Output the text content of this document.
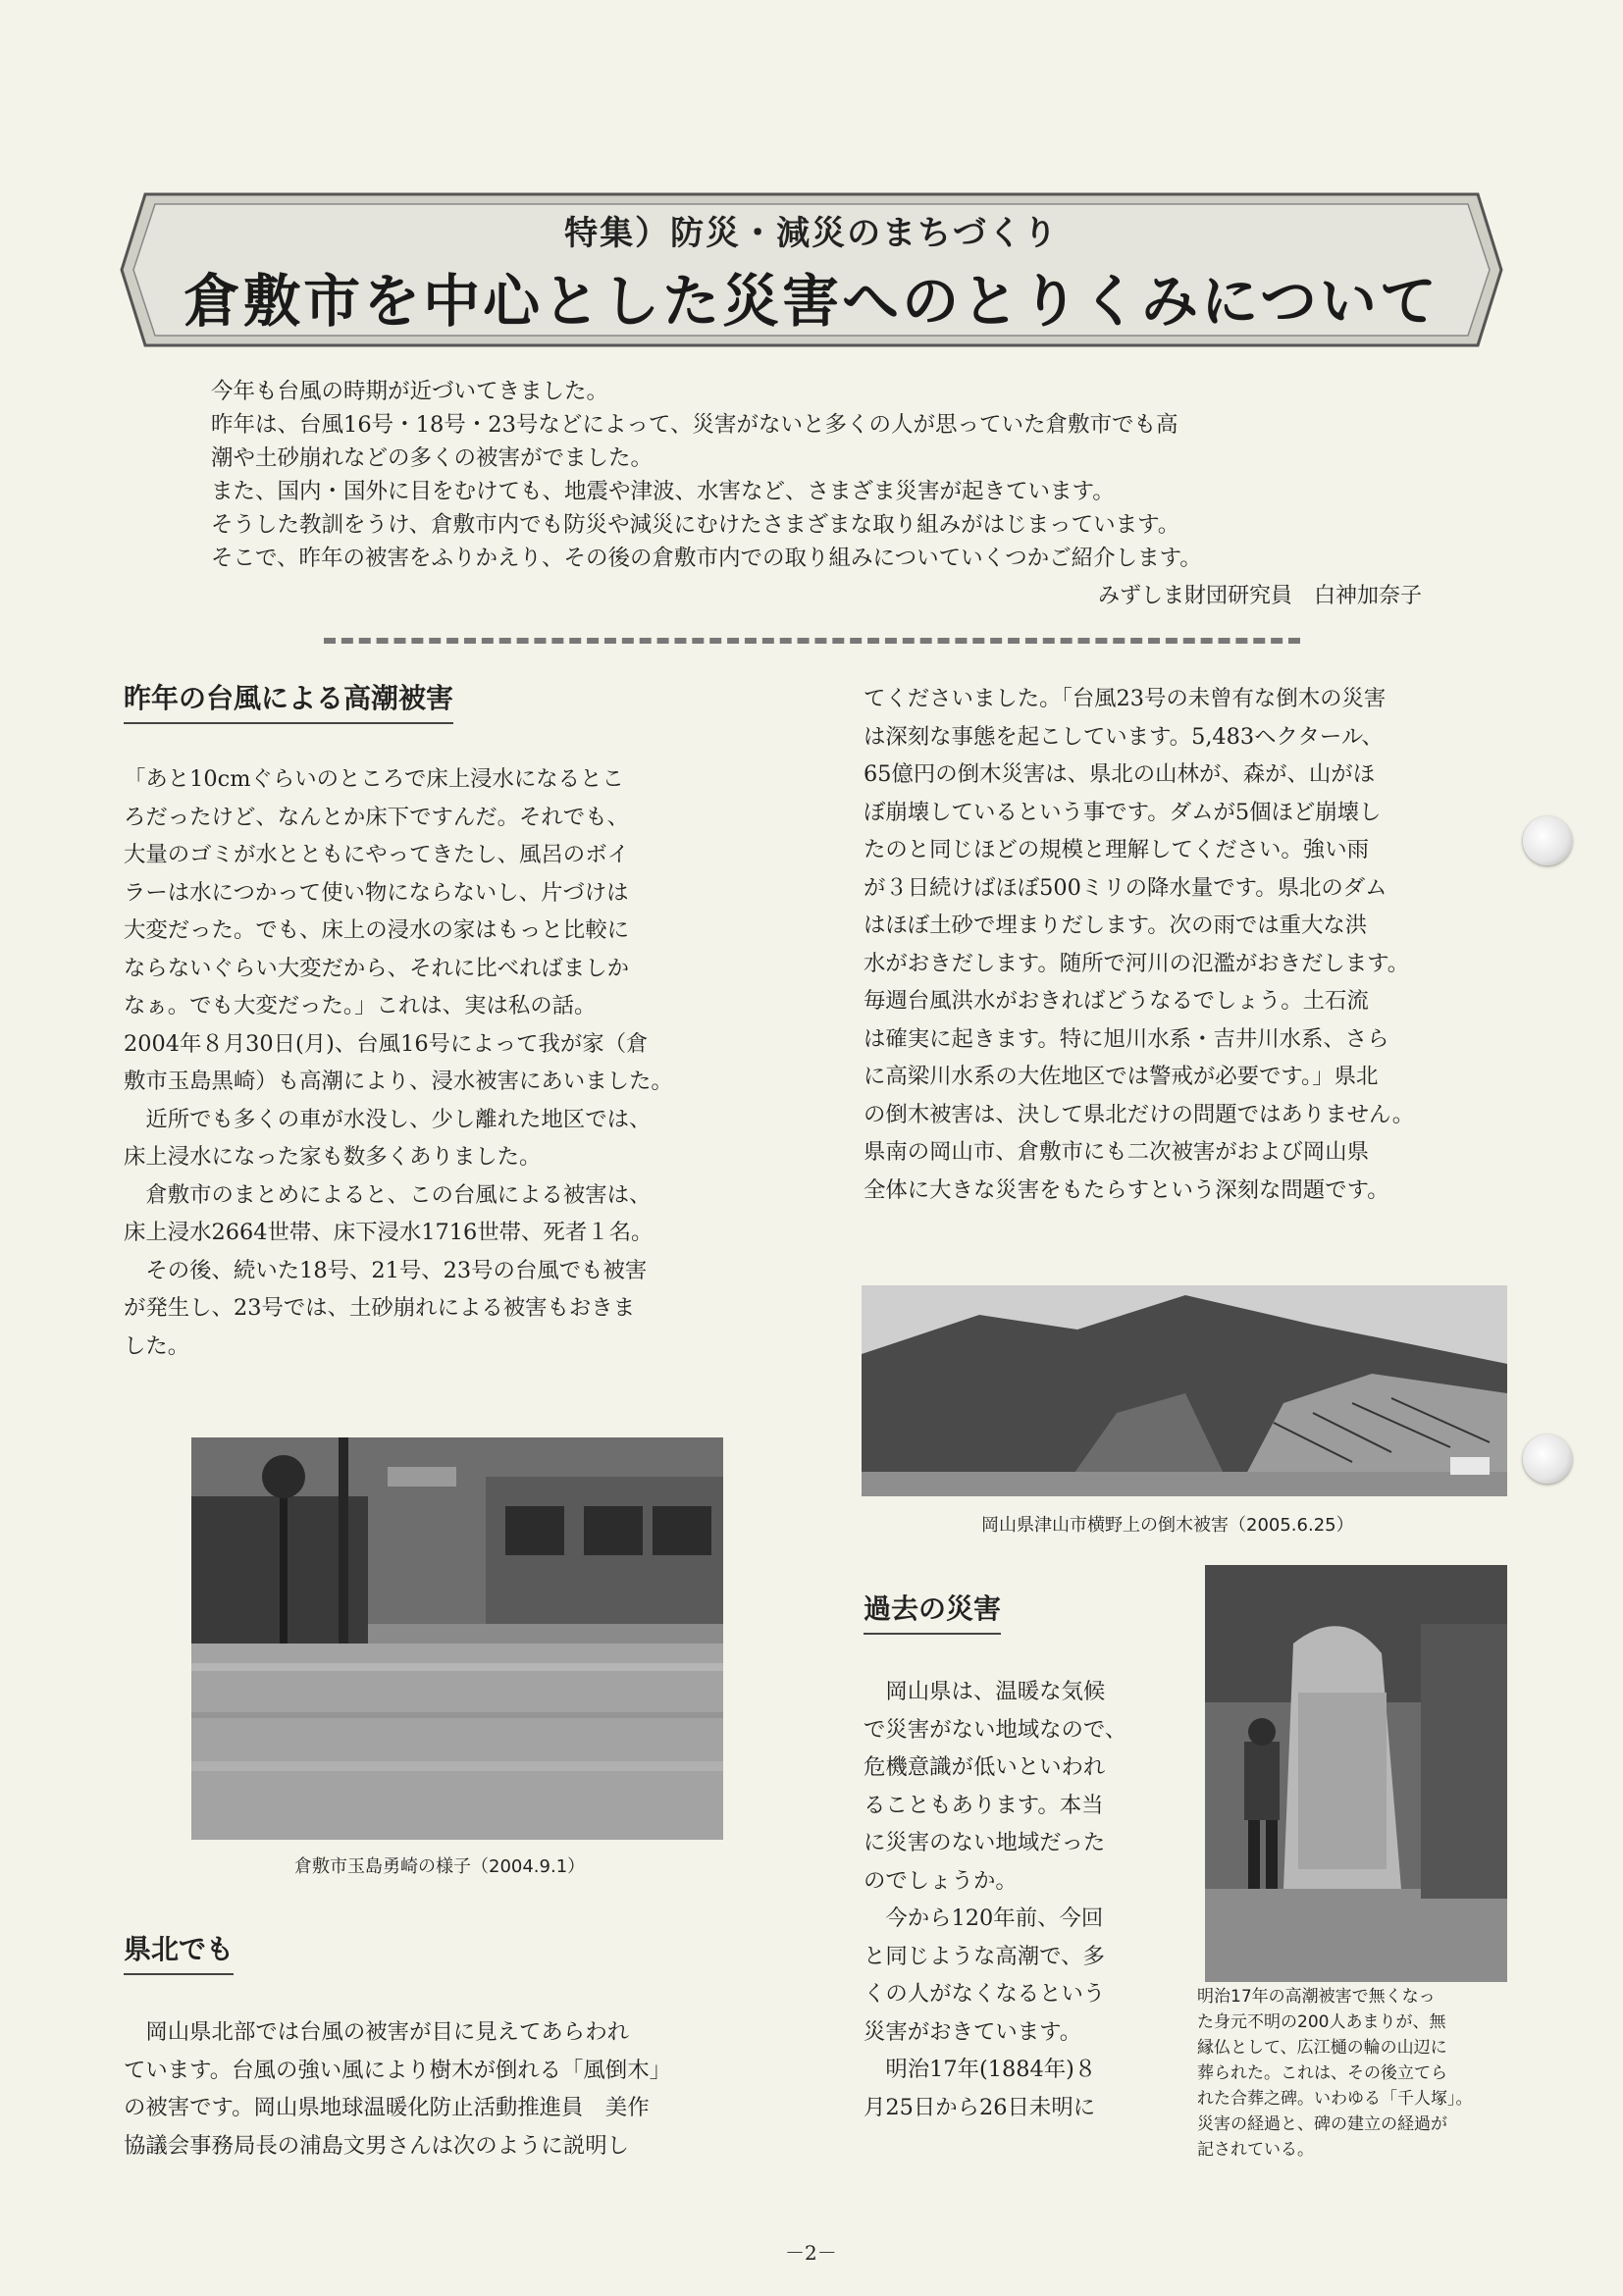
特集）防災・減災のまちづくり
倉敷市を中心とした災害へのとりくみについて

今年も台風の時期が近づいてきました。

昨年は、台風16号・18号・23号などによって、災害がないと多くの人が思っていた倉敷市でも高

潮や土砂崩れなどの多くの被害がでました。

また、国内・国外に目をむけても、地震や津波、水害など、さまざま災害が起きています。

そうした教訓をうけ、倉敷市内でも防災や減災にむけたさまざまな取り組みがはじまっています。

そこで、昨年の被害をふりかえり、その後の倉敷市内での取り組みについていくつかご紹介します。

みずしま財団研究員　白神加奈子
昨年の台風による高潮被害

「あと10cmぐらいのところで床上浸水になるとこ

ろだったけど、なんとか床下ですんだ。それでも、

大量のゴミが水とともにやってきたし、風呂のボイ

ラーは水につかって使い物にならないし、片づけは

大変だった。でも、床上の浸水の家はもっと比較に

ならないぐらい大変だから、それに比べればましか

なぁ。でも大変だった。」これは、実は私の話。

2004年８月30日(月)、台風16号によって我が家（倉

敷市玉島黒崎）も高潮により、浸水被害にあいました。

　近所でも多くの車が水没し、少し離れた地区では、

床上浸水になった家も数多くありました。

　倉敷市のまとめによると、この台風による被害は、

床上浸水2664世帯、床下浸水1716世帯、死者１名。

　その後、続いた18号、21号、23号の台風でも被害

が発生し、23号では、土砂崩れによる被害もおきま

した。

倉敷市玉島勇崎の様子（2004.9.1）
県北でも

　岡山県北部では台風の被害が目に見えてあらわれ

ています。台風の強い風により樹木が倒れる「風倒木」

の被害です。岡山県地球温暖化防止活動推進員　美作

協議会事務局長の浦島文男さんは次のように説明し

てくださいました。「台風23号の未曾有な倒木の災害

は深刻な事態を起こしています。5,483ヘクタール、

65億円の倒木災害は、県北の山林が、森が、山がほ

ぼ崩壊しているという事です。ダムが5個ほど崩壊し

たのと同じほどの規模と理解してください。強い雨

が３日続けばほぼ500ミリの降水量です。県北のダム

はほぼ土砂で埋まりだします。次の雨では重大な洪

水がおきだします。随所で河川の氾濫がおきだします。

毎週台風洪水がおきればどうなるでしょう。土石流

は確実に起きます。特に旭川水系・吉井川水系、さら

に高梁川水系の大佐地区では警戒が必要です。」県北

の倒木被害は、決して県北だけの問題ではありません。

県南の岡山市、倉敷市にも二次被害がおよび岡山県

全体に大きな災害をもたらすという深刻な問題です。

岡山県津山市横野上の倒木被害（2005.6.25）
過去の災害

　岡山県は、温暖な気候

で災害がない地域なので、

危機意識が低いといわれ

ることもあります。本当

に災害のない地域だった

のでしょうか。

　今から120年前、今回

と同じような高潮で、多

くの人がなくなるという

災害がおきています。

　明治17年(1884年)８

月25日から26日未明に

明治17年の高潮被害で無くなっ

た身元不明の200人あまりが、無

縁仏として、広江樋の輪の山辺に

葬られた。これは、その後立てら

れた合葬之碑。いわゆる「千人塚」。

災害の経過と、碑の建立の経過が

記されている。

－2－
